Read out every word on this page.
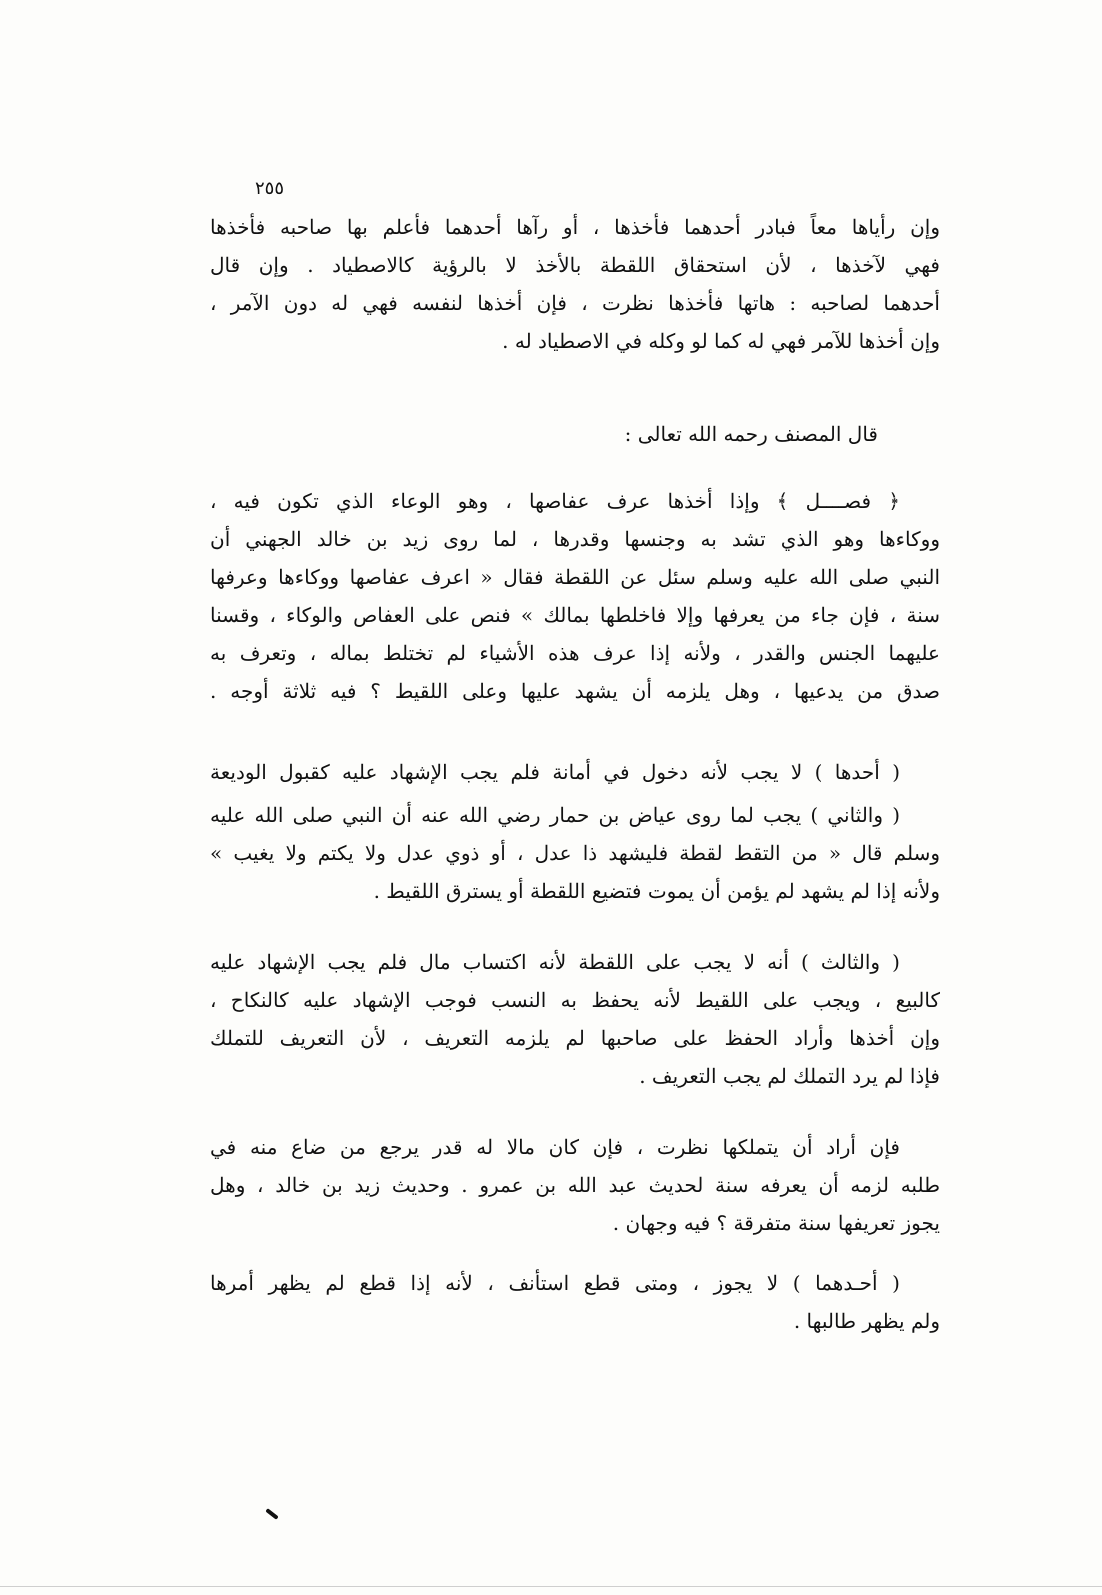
٢٥٥
وإن رأياها معاً فبادر أحدهما فأخذها ، أو رآها أحدهما فأعلم بها صاحبه فأخذها
فهي لآخذها ، لأن استحقاق اللقطة بالأخذ لا بالرؤية كالاصطياد . وإن قال
أحدهما لصاحبه : هاتها فأخذها نظرت ، فإن أخذها لنفسه فهي له دون الآمر ،
وإن أخذها للآمر فهي له كما لو وكله في الاصطياد له .
قال المصنف رحمه الله تعالى :
﴿ فصــــل ﴾ وإذا أخذها عرف عفاصها ، وهو الوعاء الذي تكون فيه ،
ووكاءها وهو الذي تشد به وجنسها وقدرها ، لما روى زيد بن خالد الجهني أن
النبي صلى الله عليه وسلم سئل عن اللقطة فقال « اعرف عفاصها ووكاءها وعرفها
سنة ، فإن جاء من يعرفها وإلا فاخلطها بمالك » فنص على العفاص والوكاء ، وقسنا
عليهما الجنس والقدر ، ولأنه إذا عرف هذه الأشياء لم تختلط بماله ، وتعرف به
صدق من يدعيها ، وهل يلزمه أن يشهد عليها وعلى اللقيط ؟ فيه ثلاثة أوجه .
( أحدها ) لا يجب لأنه دخول في أمانة فلم يجب الإشهاد عليه كقبول الوديعة
( والثاني ) يجب لما روى عياض بن حمار رضي الله عنه أن النبي صلى الله عليه
وسلم قال « من التقط لقطة فليشهد ذا عدل ، أو ذوي عدل ولا يكتم ولا يغيب »
ولأنه إذا لم يشهد لم يؤمن أن يموت فتضيع اللقطة أو يسترق اللقيط .
( والثالث ) أنه لا يجب على اللقطة لأنه اكتساب مال فلم يجب الإشهاد عليه
كالبيع ، ويجب على اللقيط لأنه يحفظ به النسب فوجب الإشهاد عليه كالنكاح ،
وإن أخذها وأراد الحفظ على صاحبها لم يلزمه التعريف ، لأن التعريف للتملك
فإذا لم يرد التملك لم يجب التعريف .
فإن أراد أن يتملكها نظرت ، فإن كان مالا له قدر يرجع من ضاع منه في
طلبه لزمه أن يعرفه سنة لحديث عبد الله بن عمرو . وحديث زيد بن خالد ، وهل
يجوز تعريفها سنة متفرقة ؟ فيه وجهان .
( أحـدهما ) لا يجوز ، ومتى قطع استأنف ، لأنه إذا قطع لم يظهر أمرها
ولم يظهر طالبها .
